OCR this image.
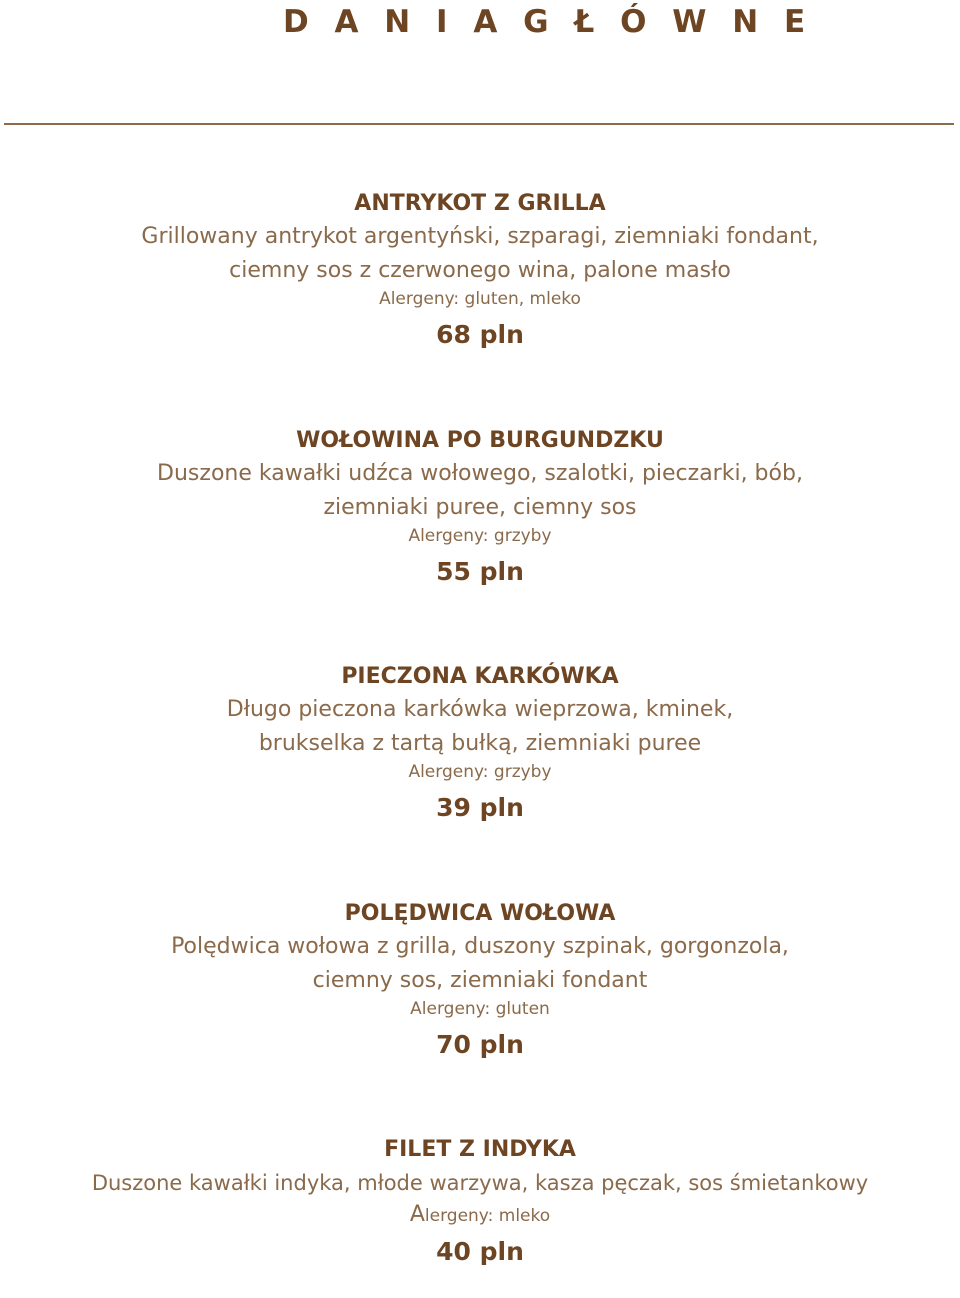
D A N I A G Ł Ó W N E
ANTRYKOT Z GRILLA
Grillowany antrykot argentyński, szparagi, ziemniaki fondant,
ciemny sos z czerwonego wina, palone masło
Alergeny: gluten, mleko
68 pln
WOŁOWINA PO BURGUNDZKU
Duszone kawałki udźca wołowego, szalotki, pieczarki, bób,
ziemniaki puree, ciemny sos
Alergeny: grzyby
55 pln
PIECZONA KARKÓWKA
Długo pieczona karkówka wieprzowa, kminek,
brukselka z tartą bułką, ziemniaki puree
Alergeny: grzyby
39 pln
POLĘDWICA WOŁOWA
Polędwica wołowa z grilla, duszony szpinak, gorgonzola,
ciemny sos, ziemniaki fondant
Alergeny: gluten
70 pln
FILET Z INDYKA
Duszone kawałki indyka, młode warzywa, kasza pęczak, sos śmietankowy
Alergeny: mleko
40 pln
